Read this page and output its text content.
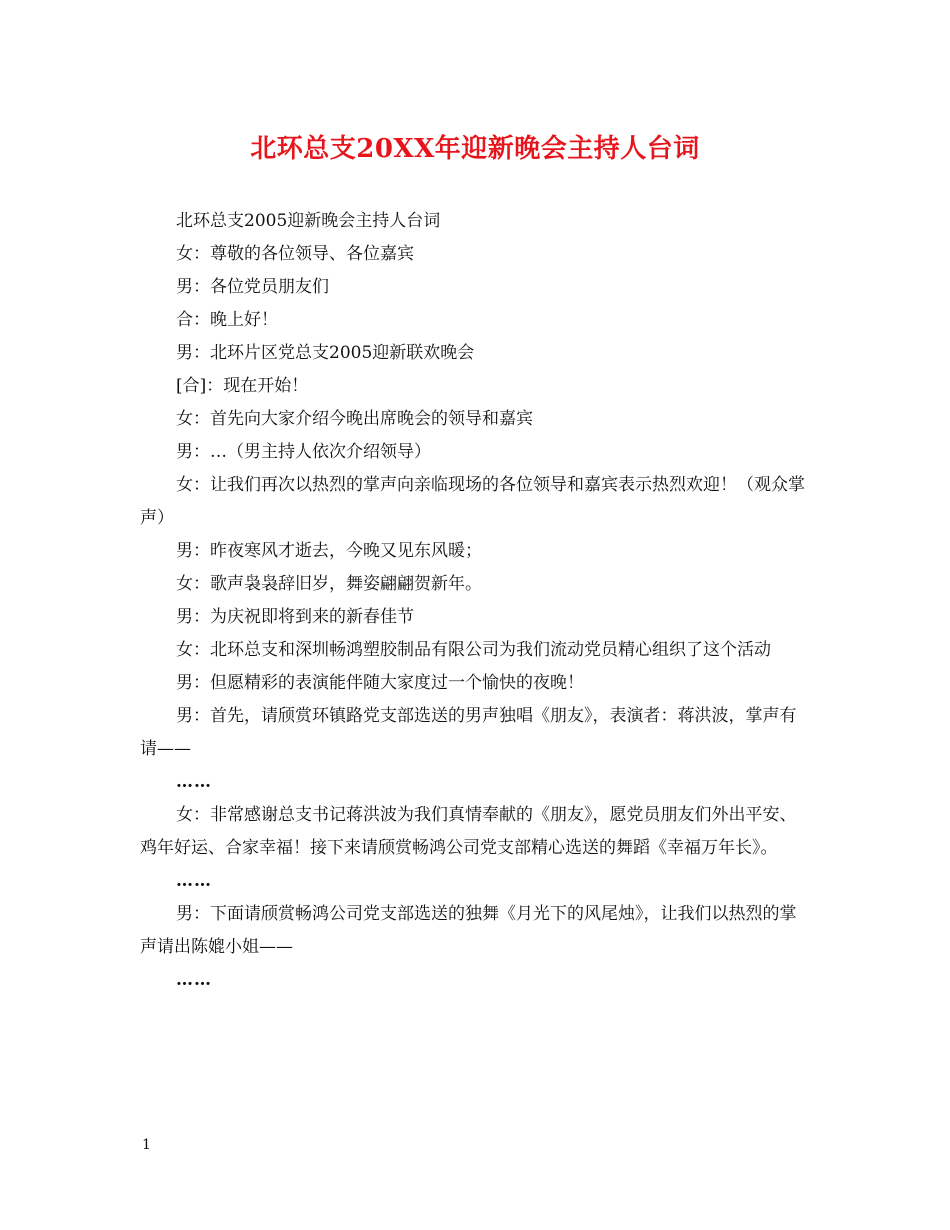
北环总支20XX年迎新晚会主持人台词

北环总支2005迎新晚会主持人台词

女：尊敬的各位领导、各位嘉宾

男：各位党员朋友们

合：晚上好！

男：北环片区党总支2005迎新联欢晚会

[合]：现在开始！

女：首先向大家介绍今晚出席晚会的领导和嘉宾

男：…（男主持人依次介绍领导）

女：让我们再次以热烈的掌声向亲临现场的各位领导和嘉宾表示热烈欢迎！（观众掌声）

男：昨夜寒风才逝去，今晚又见东风暖；

女：歌声袅袅辞旧岁，舞姿翩翩贺新年。

男：为庆祝即将到来的新春佳节

女：北环总支和深圳畅鸿塑胶制品有限公司为我们流动党员精心组织了这个活动

男：但愿精彩的表演能伴随大家度过一个愉快的夜晚！

男：首先，请颀赏环镇路党支部选送的男声独唱《朋友》，表演者：蒋洪波，掌声有请——

……

女：非常感谢总支书记蒋洪波为我们真情奉献的《朋友》，愿党员朋友们外出平安、鸡年好运、合家幸福！接下来请颀赏畅鸿公司党支部精心选送的舞蹈《幸福万年长》。

……

男：下面请颀赏畅鸿公司党支部选送的独舞《月光下的风尾烛》，让我们以热烈的掌声请出陈媲小姐——

……

1
